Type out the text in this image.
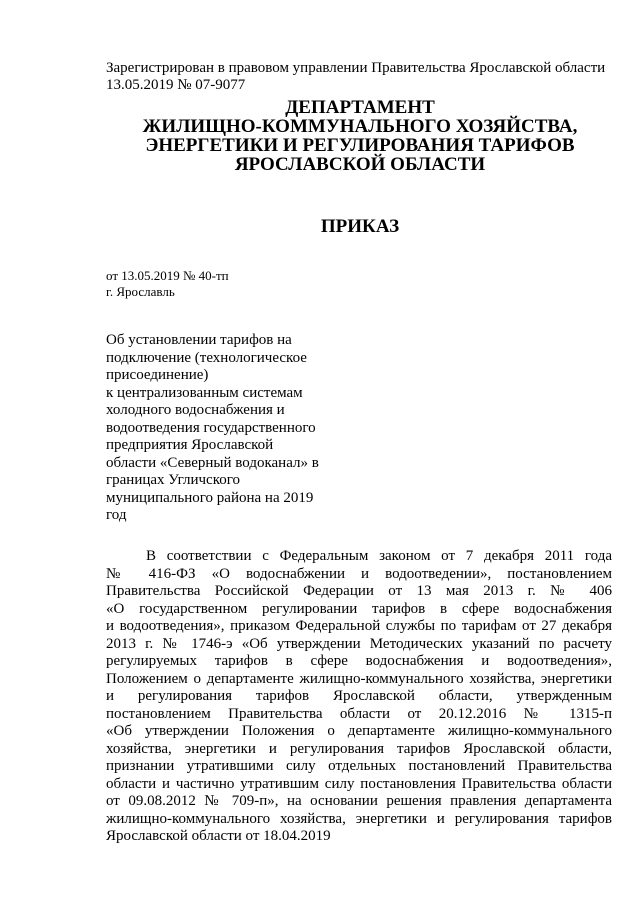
Зарегистрирован в правовом управлении Правительства Ярославской области
13.05.2019 № 07-9077
ДЕПАРТАМЕНТ
ЖИЛИЩНО-КОММУНАЛЬНОГО ХОЗЯЙСТВА,
ЭНЕРГЕТИКИ И РЕГУЛИРОВАНИЯ ТАРИФОВ
ЯРОСЛАВСКОЙ ОБЛАСТИ
ПРИКАЗ
от 13.05.2019 № 40-тп
г. Ярославль
Об установлении тарифов на
подключение (технологическое
присоединение)
к централизованным системам
холодного водоснабжения и
водоотведения государственного
предприятия Ярославской
области «Северный водоканал» в
границах Угличского
муниципального района на 2019
год
В соответствии с Федеральным законом от 7 декабря 2011 года
№ 416-ФЗ «О водоснабжении и водоотведении», постановлением
Правительства Российской Федерации от 13 мая 2013 г. № 406
«О государственном регулировании тарифов в сфере водоснабжения
и водоотведения», приказом Федеральной службы по тарифам от 27 декабря
2013 г. № 1746-э «Об утверждении Методических указаний по расчету
регулируемых тарифов в сфере водоснабжения и водоотведения»,
Положением о департаменте жилищно-коммунального хозяйства, энергетики
и регулирования тарифов Ярославской области, утвержденным
постановлением Правительства области от 20.12.2016 № 1315-п
«Об утверждении Положения о департаменте жилищно-коммунального
хозяйства, энергетики и регулирования тарифов Ярославской области,
признании утратившими силу отдельных постановлений Правительства
области и частично утратившим силу постановления Правительства области
от 09.08.2012 № 709-п», на основании решения правления департамента
жилищно-коммунального хозяйства, энергетики и регулирования тарифов
Ярославской области от 18.04.2019
